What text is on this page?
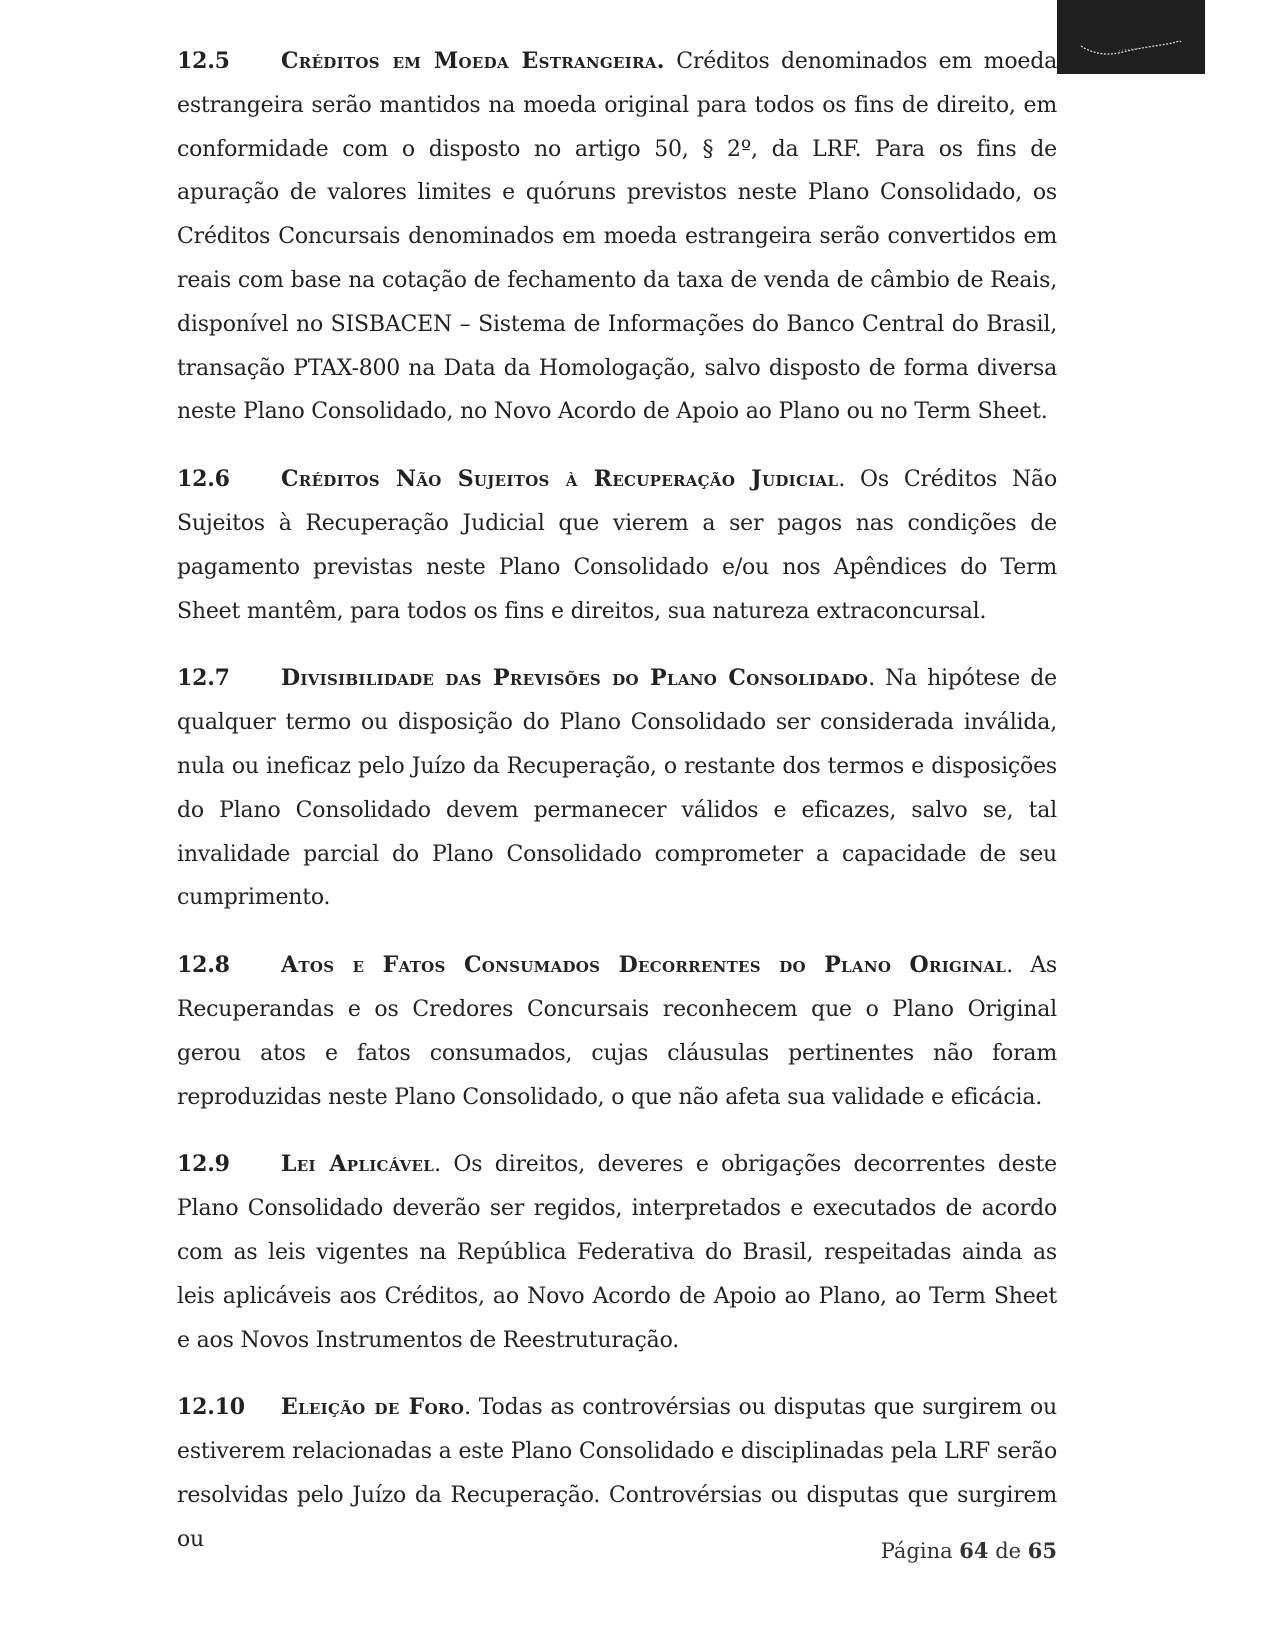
12.5 Créditos em Moeda Estrangeira. Créditos denominados em moeda estrangeira serão mantidos na moeda original para todos os fins de direito, em conformidade com o disposto no artigo 50, § 2º, da LRF. Para os fins de apuração de valores limites e quóruns previstos neste Plano Consolidado, os Créditos Concursais denominados em moeda estrangeira serão convertidos em reais com base na cotação de fechamento da taxa de venda de câmbio de Reais, disponível no SISBACEN – Sistema de Informações do Banco Central do Brasil, transação PTAX-800 na Data da Homologação, salvo disposto de forma diversa neste Plano Consolidado, no Novo Acordo de Apoio ao Plano ou no Term Sheet.

12.6 Créditos Não Sujeitos à Recuperação Judicial. Os Créditos Não Sujeitos à Recuperação Judicial que vierem a ser pagos nas condições de pagamento previstas neste Plano Consolidado e/ou nos Apêndices do Term Sheet mantêm, para todos os fins e direitos, sua natureza extraconcursal.

12.7 Divisibilidade das Previsões do Plano Consolidado. Na hipótese de qualquer termo ou disposição do Plano Consolidado ser considerada inválida, nula ou ineficaz pelo Juízo da Recuperação, o restante dos termos e disposições do Plano Consolidado devem permanecer válidos e eficazes, salvo se, tal invalidade parcial do Plano Consolidado comprometer a capacidade de seu cumprimento.

12.8 Atos e Fatos Consumados Decorrentes do Plano Original. As Recuperandas e os Credores Concursais reconhecem que o Plano Original gerou atos e fatos consumados, cujas cláusulas pertinentes não foram reproduzidas neste Plano Consolidado, o que não afeta sua validade e eficácia.

12.9 Lei Aplicável. Os direitos, deveres e obrigações decorrentes deste Plano Consolidado deverão ser regidos, interpretados e executados de acordo com as leis vigentes na República Federativa do Brasil, respeitadas ainda as leis aplicáveis aos Créditos, ao Novo Acordo de Apoio ao Plano, ao Term Sheet e aos Novos Instrumentos de Reestruturação.

12.10 Eleição de Foro. Todas as controvérsias ou disputas que surgirem ou estiverem relacionadas a este Plano Consolidado e disciplinadas pela LRF serão resolvidas pelo Juízo da Recuperação. Controvérsias ou disputas que surgirem ou	Página 64 de 65
